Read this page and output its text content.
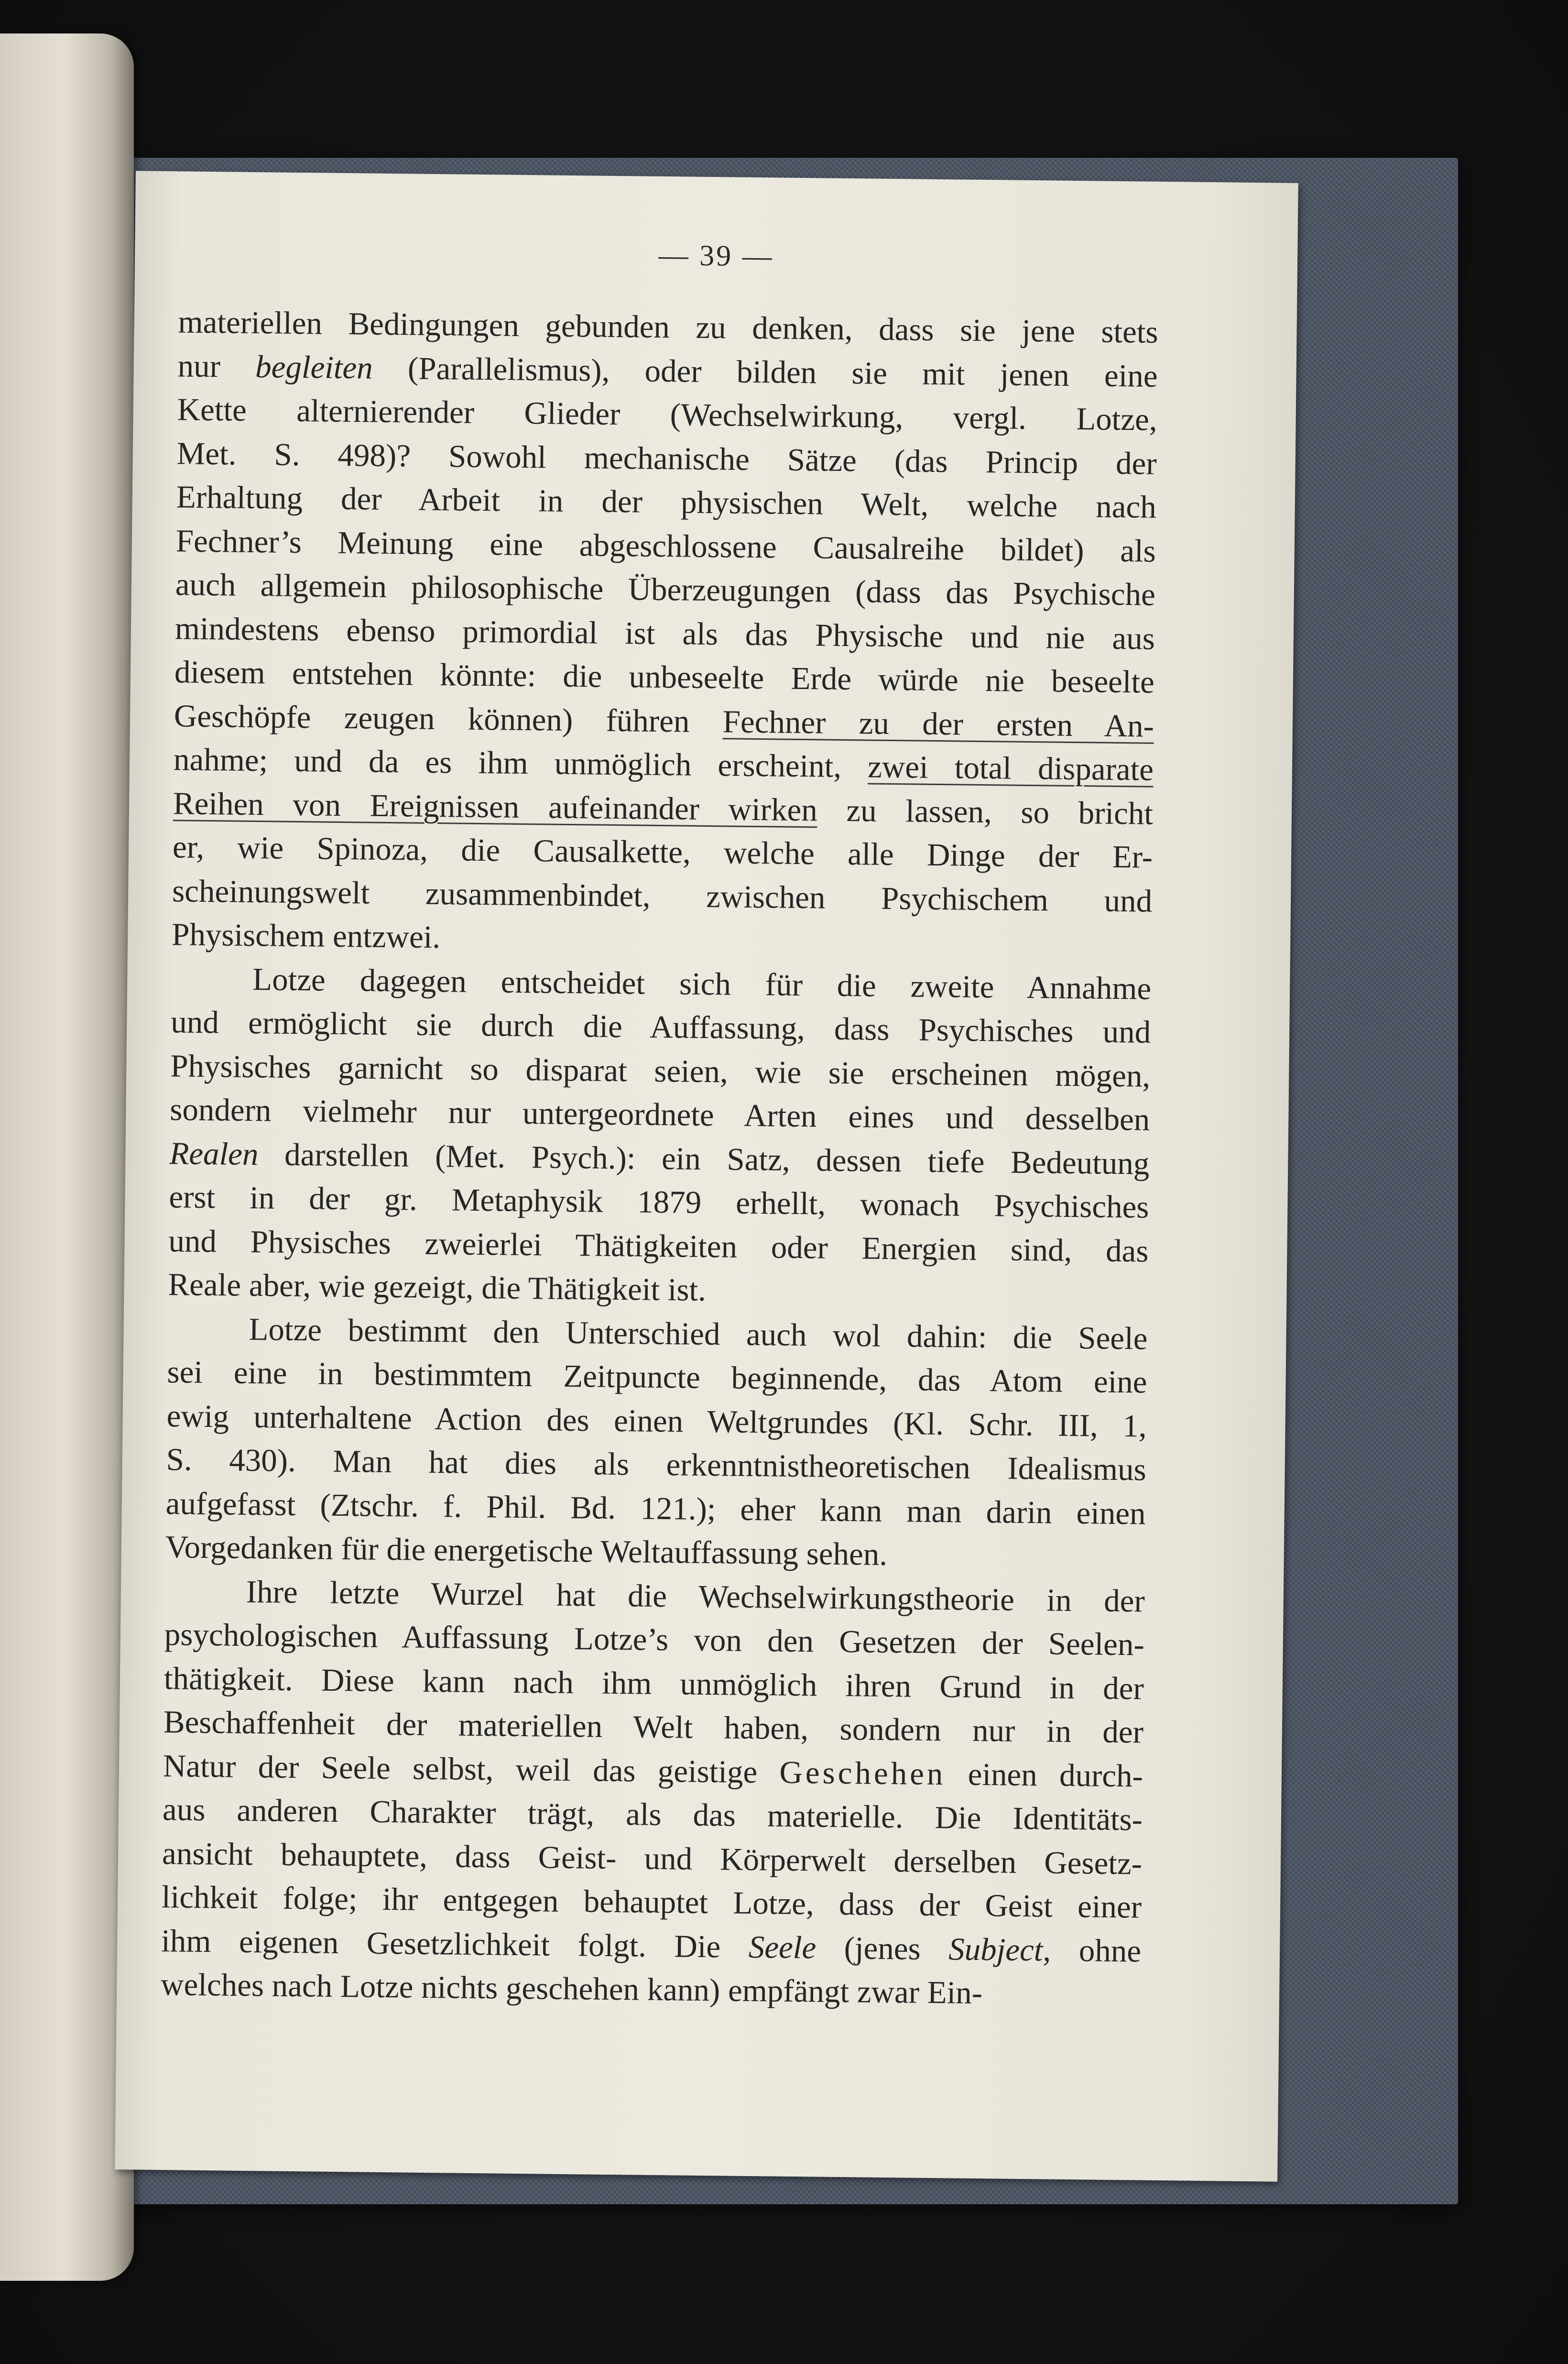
— 39 —
materiellen Bedingungen gebunden zu denken, dass sie jene stets
nur begleiten (Parallelismus), oder bilden sie mit jenen eine
Kette alternierender Glieder (Wechselwirkung, vergl. Lotze,
Met. S. 498)? Sowohl mechanische Sätze (das Princip der
Erhaltung der Arbeit in der physischen Welt, welche nach
Fechner’s Meinung eine abgeschlossene Causalreihe bildet) als
auch allgemein philosophische Überzeugungen (dass das Psychische
mindestens ebenso primordial ist als das Physische und nie aus
diesem entstehen könnte: die unbeseelte Erde würde nie beseelte
Geschöpfe zeugen können) führen Fechner zu der ersten An-
nahme; und da es ihm unmöglich erscheint, zwei total disparate
Reihen von Ereignissen aufeinander wirken zu lassen, so bricht
er, wie Spinoza, die Causalkette, welche alle Dinge der Er-
scheinungswelt zusammenbindet, zwischen Psychischem und
Physischem entzwei.
Lotze dagegen entscheidet sich für die zweite Annahme
und ermöglicht sie durch die Auffassung, dass Psychisches und
Physisches garnicht so disparat seien, wie sie erscheinen mögen,
sondern vielmehr nur untergeordnete Arten eines und desselben
Realen darstellen (Met. Psych.): ein Satz, dessen tiefe Bedeutung
erst in der gr. Metaphysik 1879 erhellt, wonach Psychisches
und Physisches zweierlei Thätigkeiten oder Energien sind, das
Reale aber, wie gezeigt, die Thätigkeit ist.
Lotze bestimmt den Unterschied auch wol dahin: die Seele
sei eine in bestimmtem Zeitpuncte beginnende, das Atom eine
ewig unterhaltene Action des einen Weltgrundes (Kl. Schr. III, 1,
S. 430). Man hat dies als erkenntnistheoretischen Idealismus
aufgefasst (Ztschr. f. Phil. Bd. 121.); eher kann man darin einen
Vorgedanken für die energetische Weltauffassung sehen.
Ihre letzte Wurzel hat die Wechselwirkungstheorie in der
psychologischen Auffassung Lotze’s von den Gesetzen der Seelen-
thätigkeit. Diese kann nach ihm unmöglich ihren Grund in der
Beschaffenheit der materiellen Welt haben, sondern nur in der
Natur der Seele selbst, weil das geistige Geschehen einen durch-
aus anderen Charakter trägt, als das materielle. Die Identitäts-
ansicht behauptete, dass Geist- und Körperwelt derselben Gesetz-
lichkeit folge; ihr entgegen behauptet Lotze, dass der Geist einer
ihm eigenen Gesetzlichkeit folgt. Die Seele (jenes Subject, ohne
welches nach Lotze nichts geschehen kann) empfängt zwar Ein-
